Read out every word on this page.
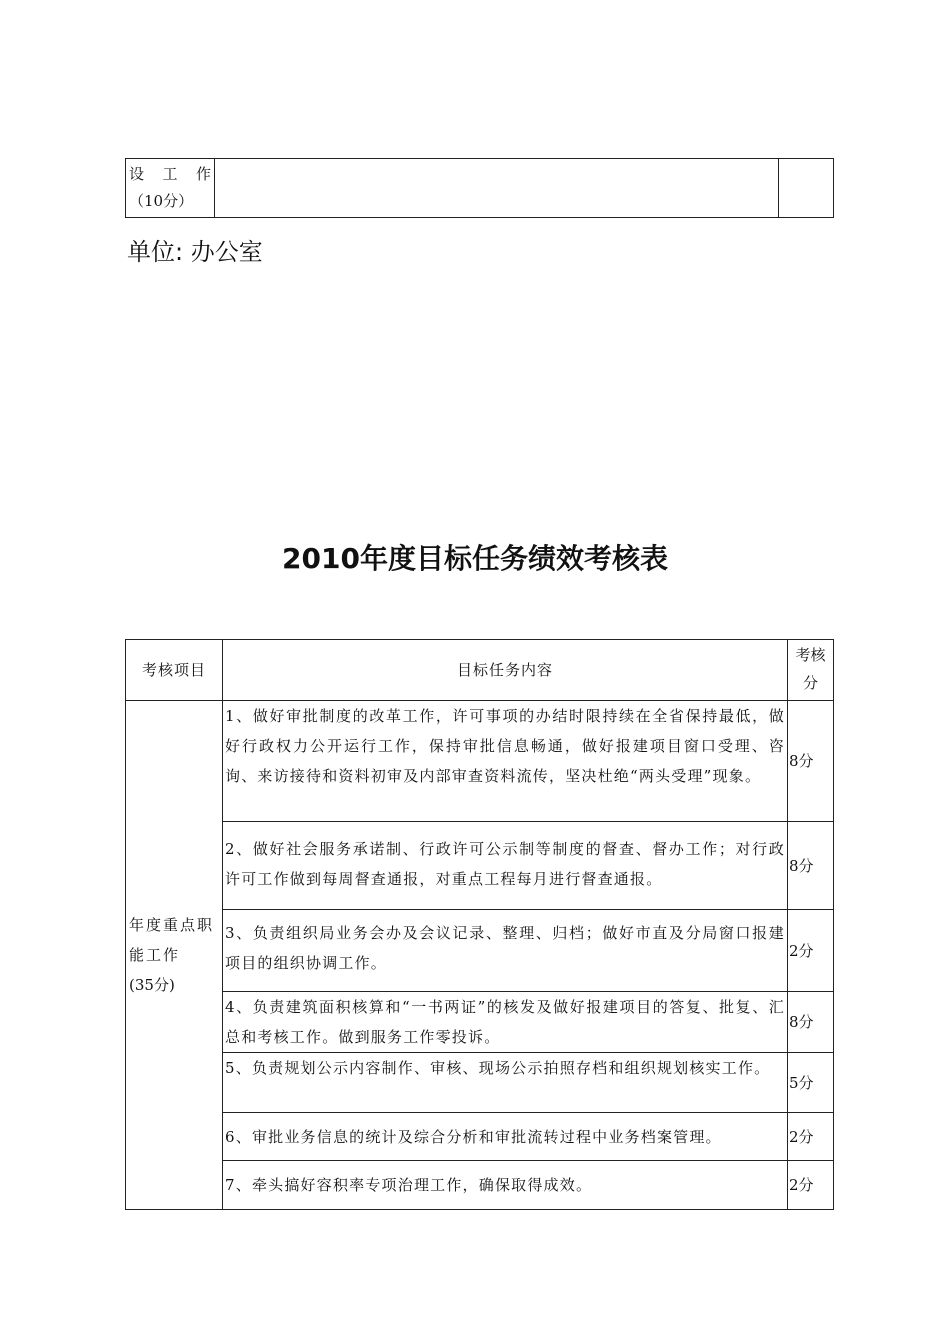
设 工 作
（10分）

单位: 办公室
2010年度目标任务绩效考核表
考核项目	目标任务内容	考核
分

年度重点职
能工作
(35分)	1、做好审批制度的改革工作，许可事项的办结时限持续在全省保持最低，做好行政权力公开运行工作，保持审批信息畅通，做好报建项目窗口受理、咨询、来访接待和资料初审及内部审查资料流传，坚决杜绝“两头受理”现象。	8分
	2、做好社会服务承诺制、行政许可公示制等制度的督查、督办工作；对行政许可工作做到每周督查通报，对重点工程每月进行督查通报。	8分
	3、负责组织局业务会办及会议记录、整理、归档；做好市直及分局窗口报建项目的组织协调工作。	2分
	4、负责建筑面积核算和“一书两证”的核发及做好报建项目的答复、批复、汇总和考核工作。做到服务工作零投诉。	8分
	5、负责规划公示内容制作、审核、现场公示拍照存档和组织规划核实工作。	5分
	6、审批业务信息的统计及综合分析和审批流转过程中业务档案管理。	2分
	7、牵头搞好容积率专项治理工作，确保取得成效。	2分
